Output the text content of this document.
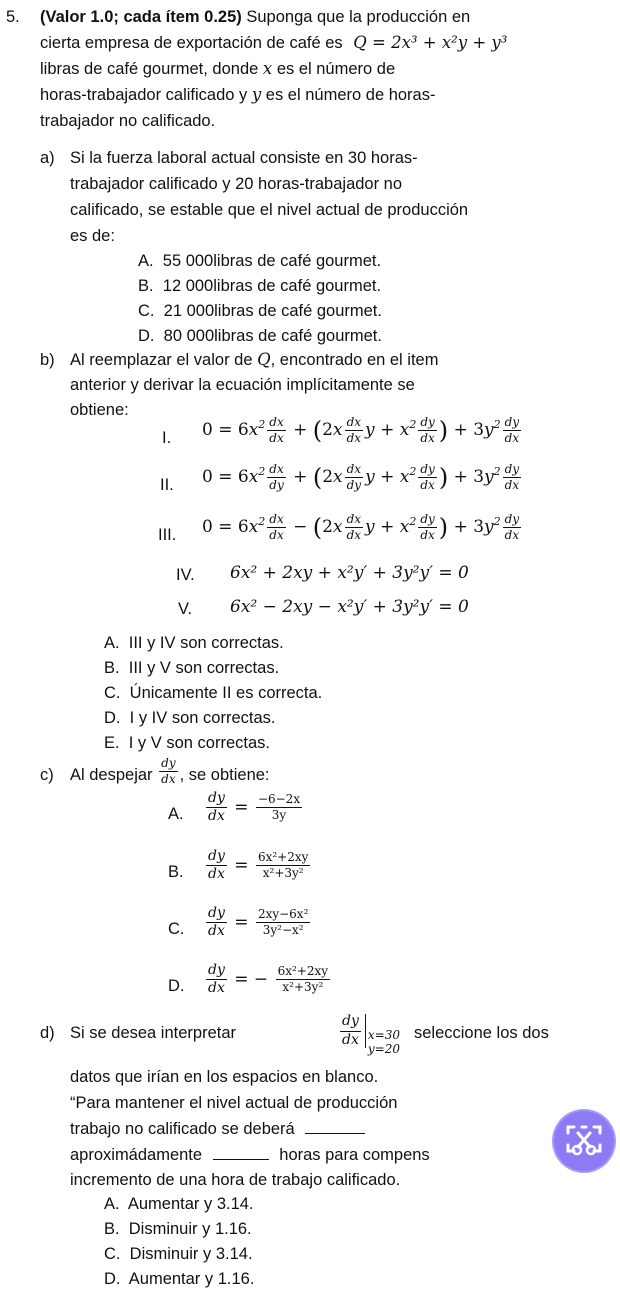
5. (Valor 1.0; cada ítem 0.25) Suponga que la producción en
cierta empresa de exportación de café es Q = 2x³ + x²y + y³
libras de café gourmet, donde x es el número de
horas-trabajador calificado y y es el número de horas-
trabajador no calificado.
a) Si la fuerza laboral actual consiste en 30 horas-
trabajador calificado y 20 horas-trabajador no
calificado, se estable que el nivel actual de producción
es de:
A. 55 000libras de café gourmet.
B. 12 000libras de café gourmet.
C. 21 000libras de café gourmet.
D. 80 000libras de café gourmet.
b) Al reemplazar el valor de Q, encontrado en el item
anterior y derivar la ecuación implícitamente se
obtiene:
I. $0 = 6x^2 \frac{dx}{dx} + (2x \frac{dx}{dx}$ $y + x^2 \frac{dy}{dx}$ ) + $3y^2 \frac{dy}{dx}$
II. $0 = 6x^2 \frac{dx}{dy} + (2x \frac{dx}{dy}$ $y + x^2 \frac{dy}{dx}$ ) + $3y^2 \frac{dy}{dx}$
III. $0 = 6x^2 \frac{dx}{dx} - (2x \frac{dx}{dx}$ $y + x^2 \frac{dy}{dx}$ ) + $3y^2 \frac{dy}{dx}$
IV. 6x² + 2xy + x²y′ + 3y²y′ = 0
V. 6x² − 2xy − x²y′ + 3y²y′ = 0
A. III y IV son correctas.
B. III y V son correctas.
C. Únicamente II es correcta.
D. I y IV son correctas.
E. I y V son correctas.
c) Al despejar $\frac{dy}{dx}$ , se obtiene:
A. $\frac{dy}{dx} = \frac{-6-2x}{3y}$
B. $\frac{dy}{dx} = \frac{\text{6x²+2xy}}{\text{x²+3y²}}$
C. $\frac{dy}{dx} = \frac{\text{2xy−6x²}}{\text{3y²−x²}}$
D. $\frac{dy}{dx}$ = − $\frac{\text{6x²+2xy}}{\text{x²+3y²}}$
d) Si se desea interpretar	$\frac{dy}{dx} x=30$
y=20
seleccione los dos
datos que irían en los espacios en blanco.
“Para mantener el nivel actual de producción
trabajo no calificado se deberá
aproximádamente	horas para compens
incremento de una hora de trabajo calificado.
A. Aumentar y 3.14.
B. Disminuir y 1.16.
C. Disminuir y 3.14.
D. Aumentar y 1.16.
